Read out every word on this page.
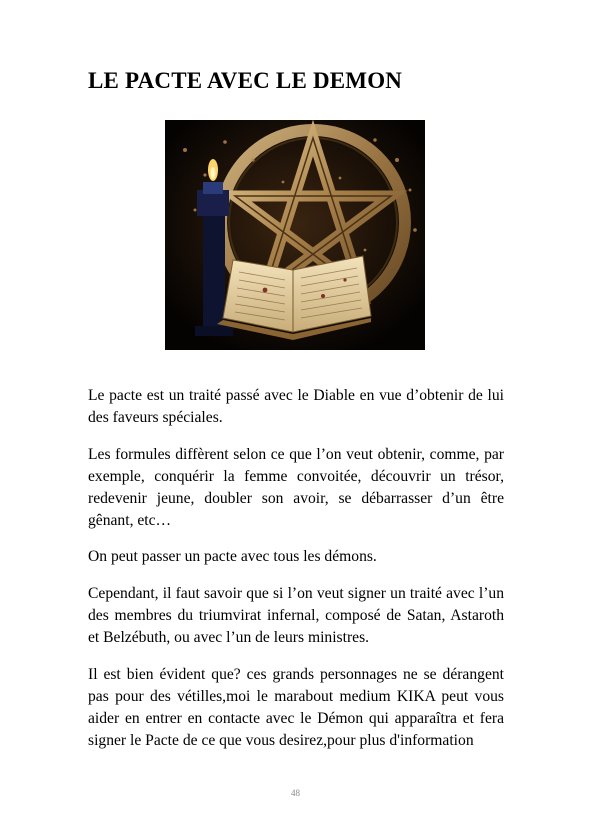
LE PACTE AVEC LE DEMON

Le pacte est un traité passé avec le Diable en vue d’obtenir de lui des faveurs spéciales.

Les formules diffèrent selon ce que l’on veut obtenir, comme, par exemple, conquérir la femme convoitée, découvrir un trésor, redevenir jeune, doubler son avoir, se débarrasser d’un être gênant, etc…

On peut passer un pacte avec tous les démons.

Cependant, il faut savoir que si l’on veut signer un traité avec l’un des membres du triumvirat infernal, composé de Satan, Astaroth et Belzébuth, ou avec l’un de leurs ministres.

Il est bien évident que? ces grands personnages ne se dérangent pas pour des vétilles,moi le marabout medium KIKA peut vous aider en entrer en contacte avec le Démon qui apparaîtra et fera signer le Pacte de ce que vous desirez,pour plus d'information

48
